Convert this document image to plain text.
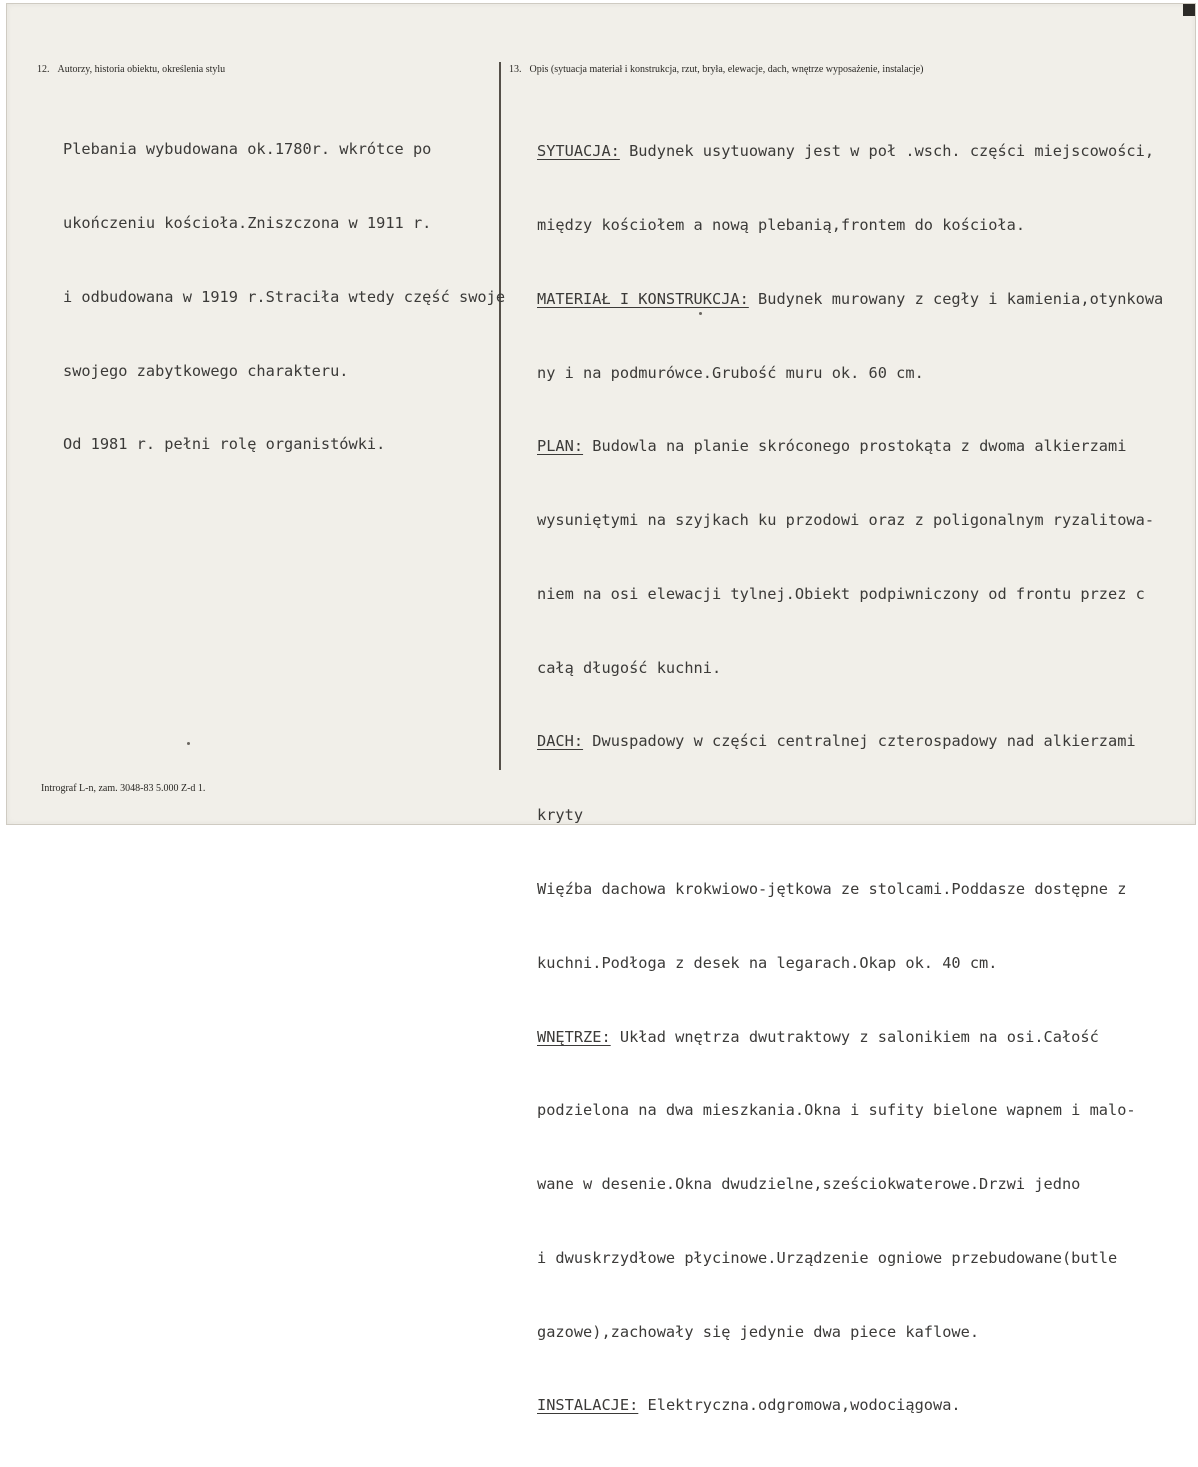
12. Autorzy, historia obiektu, określenia stylu	13. Opis (sytuacja materiał i konstrukcja, rzut, bryła, elewacje, dach, wnętrze wyposażenie, instalacje)

Plebania wybudowana ok.1780r. wkrótce po

ukończeniu kościoła.Zniszczona w 1911 r.

i odbudowana w 1919 r.Straciła wtedy część swoje

swojego zabytkowego charakteru.

Od 1981 r. pełni rolę organistówki.

SYTUACJA: Budynek usytuowany jest w poł .wsch. części miejscowości,

między kościołem a nową plebanią,frontem do kościoła.

MATERIAŁ I KONSTRUKCJA: Budynek murowany z cegły i kamienia,otynkowa

ny i na podmurówce.Grubość muru ok. 60 cm.

PLAN: Budowla na planie skróconego prostokąta z dwoma alkierzami

wysuniętymi na szyjkach ku przodowi oraz z poligonalnym ryzalitowa-

niem na osi elewacji tylnej.Obiekt podpiwniczony od frontu przez c

całą długość kuchni.

DACH: Dwuspadowy w części centralnej czterospadowy nad alkierzami

kryty

Więźba dachowa krokwiowo-jętkowa ze stolcami.Poddasze dostępne z

kuchni.Podłoga z desek na legarach.Okap ok. 40 cm.

WNĘTRZE: Układ wnętrza dwutraktowy z salonikiem na osi.Całość

podzielona na dwa mieszkania.Okna i sufity bielone wapnem i malo-

wane w desenie.Okna dwudzielne,sześciokwaterowe.Drzwi jedno

i dwuskrzydłowe płycinowe.Urządzenie ogniowe przebudowane(butle

gazowe),zachowały się jedynie dwa piece kaflowe.

INSTALACJE: Elektryczna.odgromowa,wodociągowa.

Intrograf L-n, zam. 3048-83 5.000 Z-d 1.
